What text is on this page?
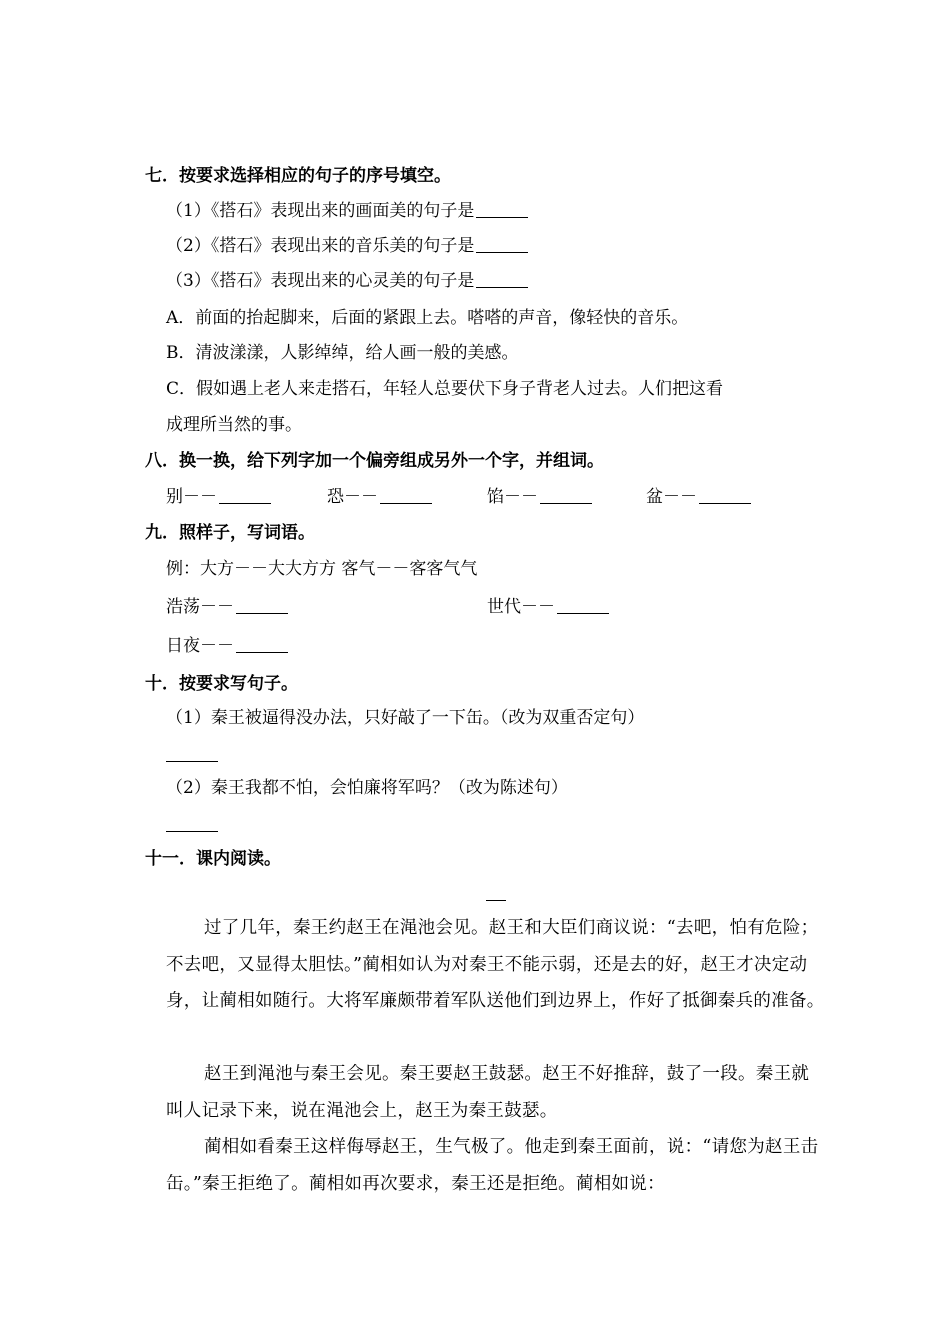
七．按要求选择相应的句子的序号填空。
（1）《搭石》表现出来的画面美的句子是
（2）《搭石》表现出来的音乐美的句子是
（3）《搭石》表现出来的心灵美的句子是
A．前面的抬起脚来，后面的紧跟上去。嗒嗒的声音，像轻快的音乐。
B．清波漾漾，人影绰绰，给人画一般的美感。
C．假如遇上老人来走搭石，年轻人总要伏下身子背老人过去。人们把这看
成理所当然的事。
八．换一换，给下列字加一个偏旁组成另外一个字，并组词。
别－－	恐－－	馅－－	盆－－
九．照样子，写词语。
例：大方－－大大方方 客气－－客客气气
浩荡－－	世代－－
日夜－－
十．按要求写句子。
（1）秦王被逼得没办法，只好敲了一下缶。（改为双重否定句）
（2）秦王我都不怕，会怕廉将军吗？（改为陈述句）
十一．课内阅读。
过了几年，秦王约赵王在渑池会见。赵王和大臣们商议说：“去吧，怕有危险；不去吧，又显得太胆怯。”蔺相如认为对秦王不能示弱，还是去的好，赵王才决定动身，让蔺相如随行。大将军廉颇带着军队送他们到边界上，作好了抵御秦兵的准备。
赵王到渑池与秦王会见。秦王要赵王鼓瑟。赵王不好推辞，鼓了一段。秦王就叫人记录下来，说在渑池会上，赵王为秦王鼓瑟。
蔺相如看秦王这样侮辱赵王，生气极了。他走到秦王面前，说：“请您为赵王击缶。”秦王拒绝了。蔺相如再次要求，秦王还是拒绝。蔺相如说：
